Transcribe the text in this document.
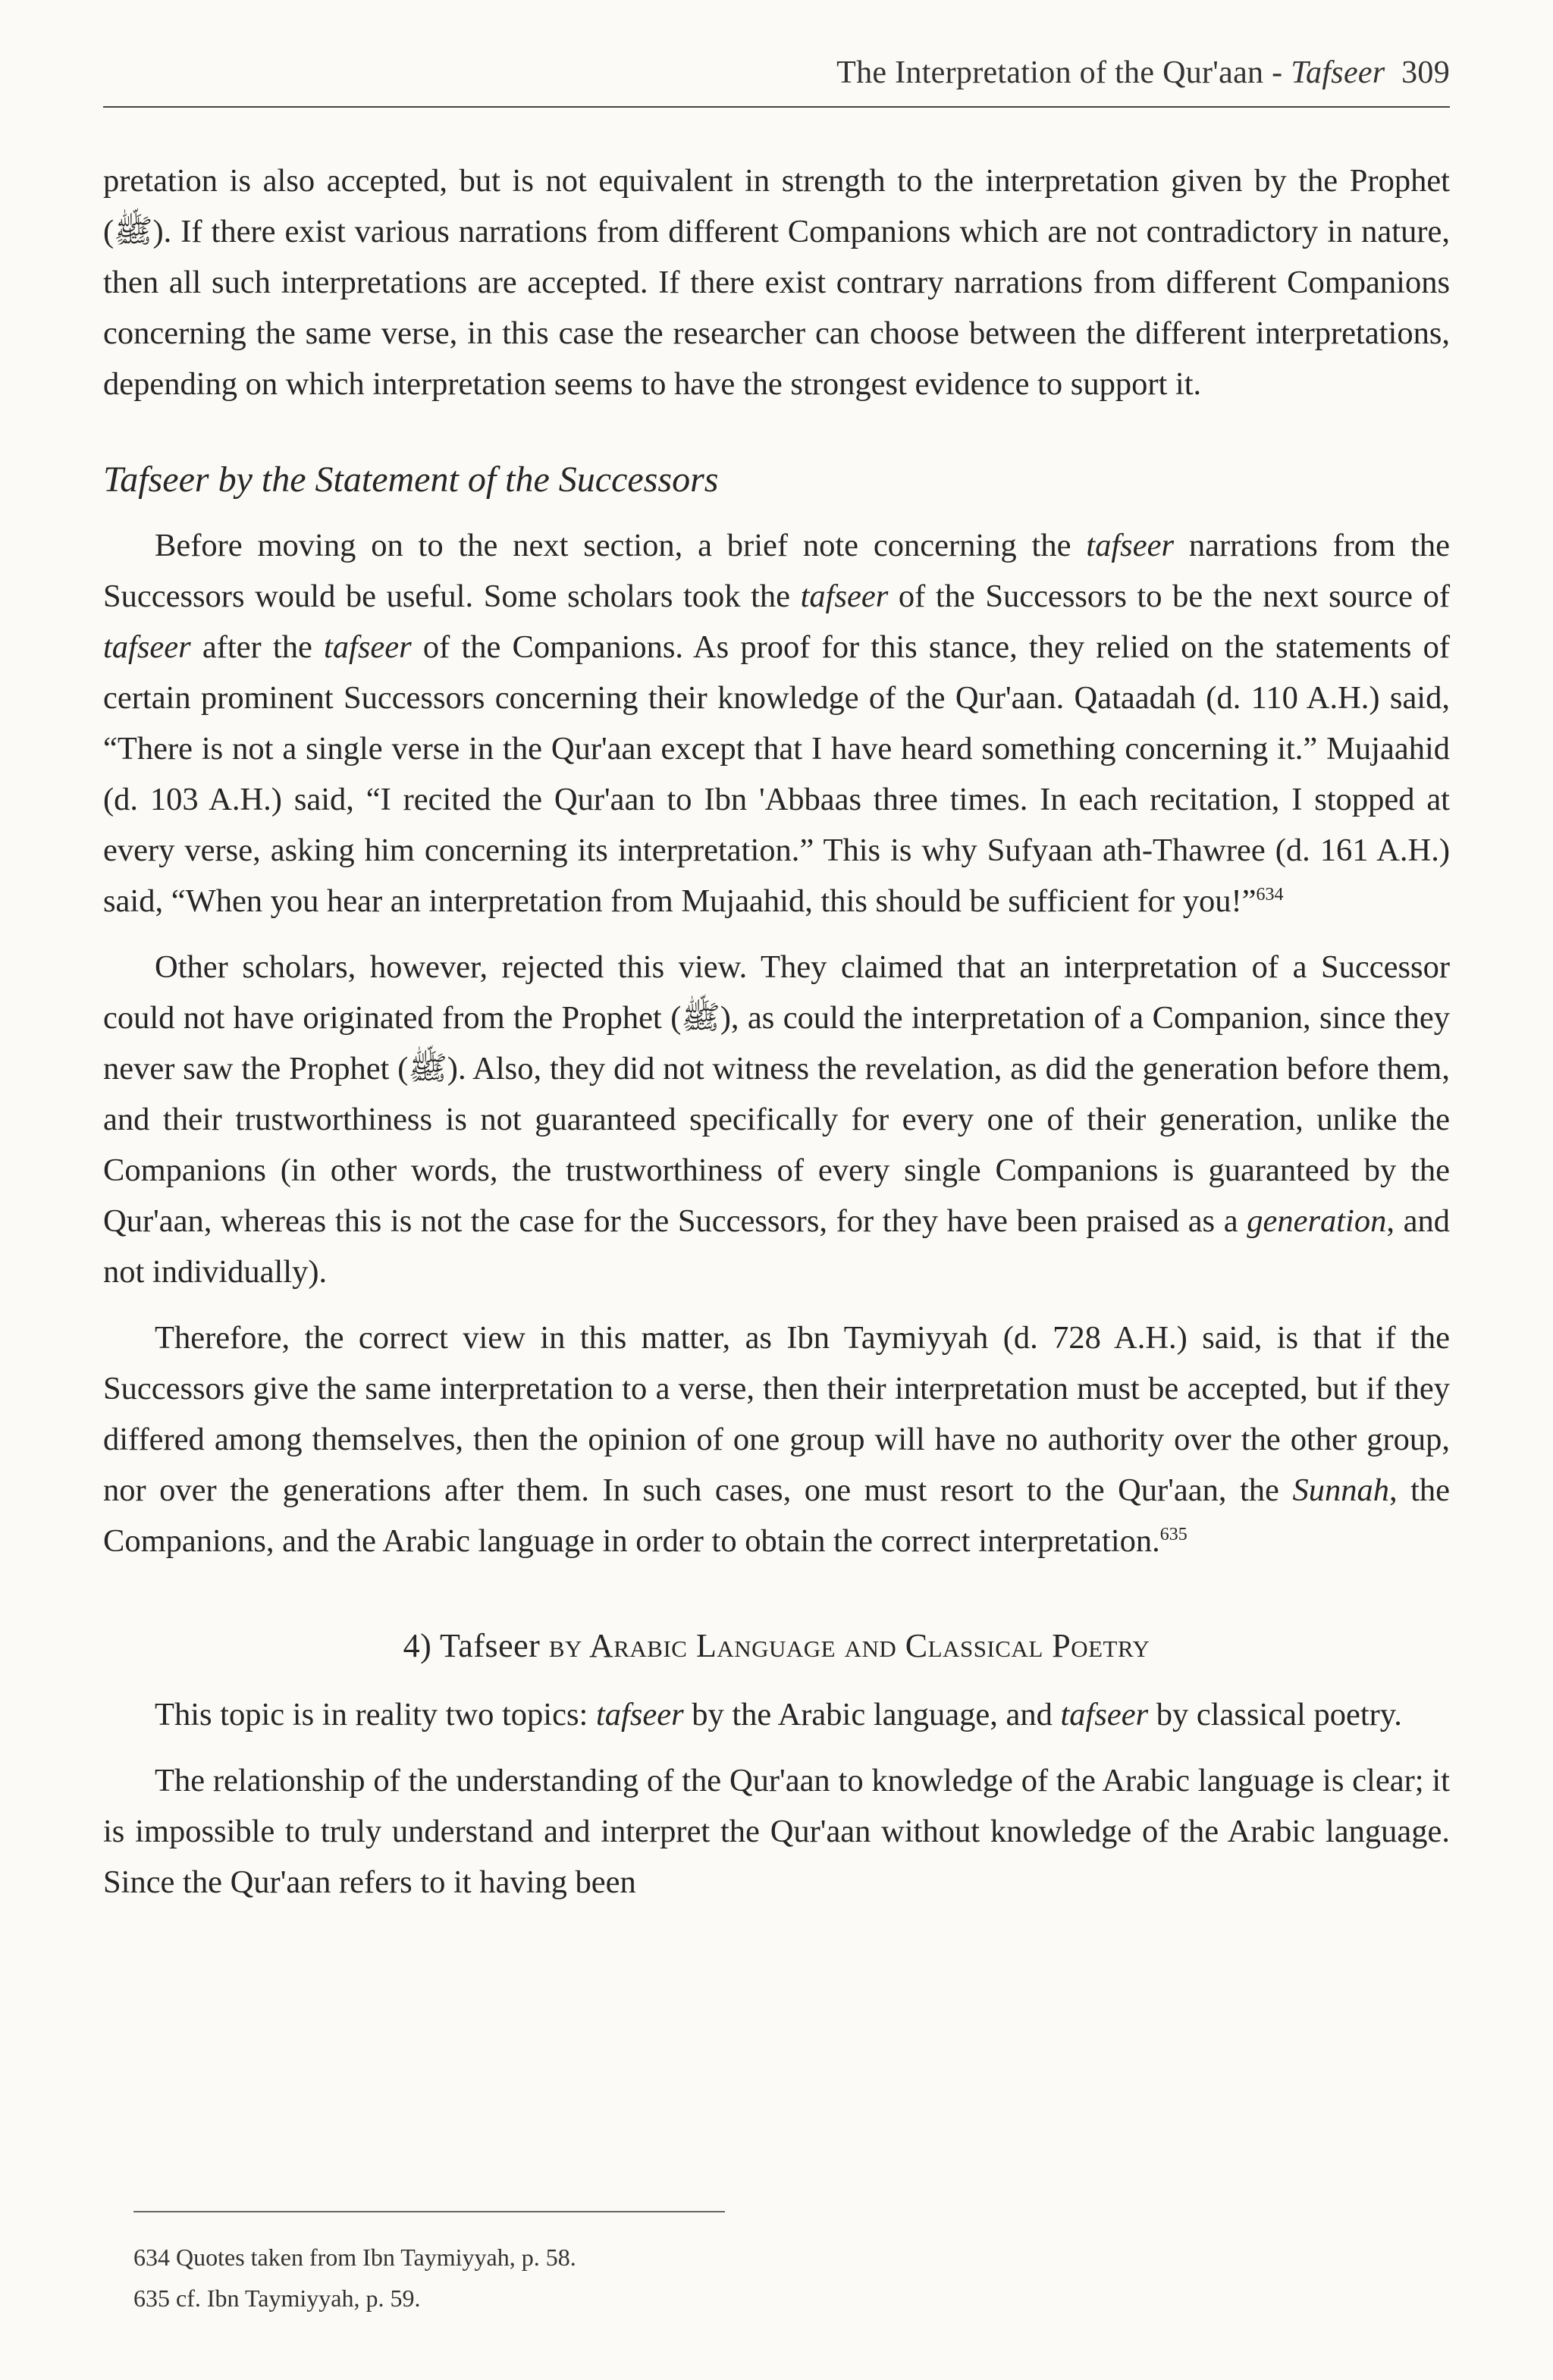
The Interpretation of the Qur'aan - Tafseer 309

pretation is also accepted, but is not equivalent in strength to the interpretation given by the Prophet (ﷺ). If there exist various narrations from different Companions which are not contradictory in nature, then all such interpretations are accepted. If there exist contrary narrations from different Companions concerning the same verse, in this case the researcher can choose between the different interpretations, depending on which interpretation seems to have the strongest evidence to support it.

Tafseer by the Statement of the Successors

Before moving on to the next section, a brief note concerning the tafseer narrations from the Successors would be useful. Some scholars took the tafseer of the Successors to be the next source of tafseer after the tafseer of the Companions. As proof for this stance, they relied on the statements of certain prominent Successors concerning their knowledge of the Qur'aan. Qataadah (d. 110 A.H.) said, “There is not a single verse in the Qur'aan except that I have heard something concerning it.” Mujaahid (d. 103 A.H.) said, “I recited the Qur'aan to Ibn 'Abbaas three times. In each recitation, I stopped at every verse, asking him concerning its interpretation.” This is why Sufyaan ath-Thawree (d. 161 A.H.) said, “When you hear an interpretation from Mujaahid, this should be sufficient for you!”$^{634}$

Other scholars, however, rejected this view. They claimed that an interpretation of a Successor could not have originated from the Prophet (ﷺ), as could the interpretation of a Companion, since they never saw the Prophet (ﷺ). Also, they did not witness the revelation, as did the generation before them, and their trustworthiness is not guaranteed specifically for every one of their generation, unlike the Companions (in other words, the trustworthiness of every single Companions is guaranteed by the Qur'aan, whereas this is not the case for the Successors, for they have been praised as a generation, and not individually).

Therefore, the correct view in this matter, as Ibn Taymiyyah (d. 728 A.H.) said, is that if the Successors give the same interpretation to a verse, then their interpretation must be accepted, but if they differed among themselves, then the opinion of one group will have no authority over the other group, nor over the generations after them. In such cases, one must resort to the Qur'aan, the Sunnah, the Companions, and the Arabic language in order to obtain the correct interpretation.$^{635}$

4) Tafseer by Arabic Language and Classical Poetry

This topic is in reality two topics: tafseer by the Arabic language, and tafseer by classical poetry.

The relationship of the understanding of the Qur'aan to knowledge of the Arabic language is clear; it is impossible to truly understand and interpret the Qur'aan without knowledge of the Arabic language. Since the Qur'aan refers to it having been

634 Quotes taken from Ibn Taymiyyah, p. 58.
635 cf. Ibn Taymiyyah, p. 59.
